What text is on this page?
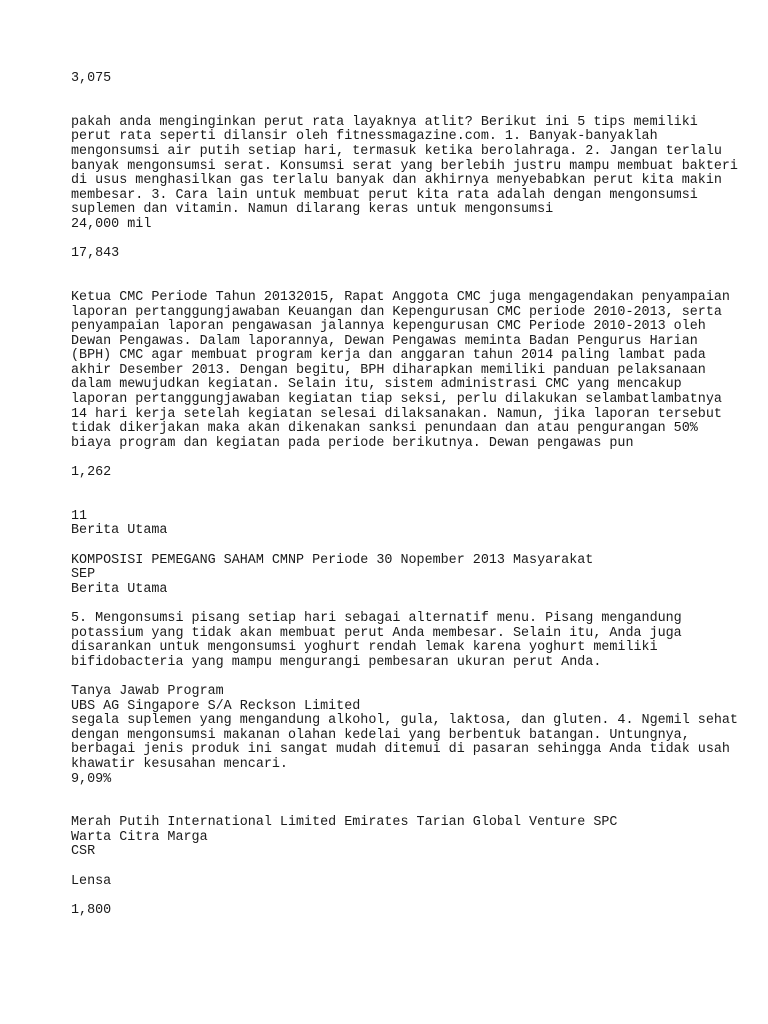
3,075
pakah anda menginginkan perut rata layaknya atlit? Berikut ini 5 tips memiliki
perut rata seperti dilansir oleh fitnessmagazine.com. 1. Banyak-banyaklah
mengonsumsi air putih setiap hari, termasuk ketika berolahraga. 2. Jangan terlalu
banyak mengonsumsi serat. Konsumsi serat yang berlebih justru mampu membuat bakteri
di usus menghasilkan gas terlalu banyak dan akhirnya menyebabkan perut kita makin
membesar. 3. Cara lain untuk membuat perut kita rata adalah dengan mengonsumsi
suplemen dan vitamin. Namun dilarang keras untuk mengonsumsi
24,000 mil
17,843
Ketua CMC Periode Tahun 20132015, Rapat Anggota CMC juga mengagendakan penyampaian
laporan pertanggungjawaban Keuangan dan Kepengurusan CMC periode 2010-2013, serta
penyampaian laporan pengawasan jalannya kepengurusan CMC Periode 2010-2013 oleh
Dewan Pengawas. Dalam laporannya, Dewan Pengawas meminta Badan Pengurus Harian
(BPH) CMC agar membuat program kerja dan anggaran tahun 2014 paling lambat pada
akhir Desember 2013. Dengan begitu, BPH diharapkan memiliki panduan pelaksanaan
dalam mewujudkan kegiatan. Selain itu, sistem administrasi CMC yang mencakup
laporan pertanggungjawaban kegiatan tiap seksi, perlu dilakukan selambatlambatnya
14 hari kerja setelah kegiatan selesai dilaksanakan. Namun, jika laporan tersebut
tidak dikerjakan maka akan dikenakan sanksi penundaan dan atau pengurangan 50%
biaya program dan kegiatan pada periode berikutnya. Dewan pengawas pun
1,262
11
Berita Utama
KOMPOSISI PEMEGANG SAHAM CMNP Periode 30 Nopember 2013 Masyarakat
SEP
Berita Utama
5. Mengonsumsi pisang setiap hari sebagai alternatif menu. Pisang mengandung
potassium yang tidak akan membuat perut Anda membesar. Selain itu, Anda juga
disarankan untuk mengonsumsi yoghurt rendah lemak karena yoghurt memiliki
bifidobacteria yang mampu mengurangi pembesaran ukuran perut Anda.
Tanya Jawab Program
UBS AG Singapore S/A Reckson Limited
segala suplemen yang mengandung alkohol, gula, laktosa, dan gluten. 4. Ngemil sehat
dengan mengonsumsi makanan olahan kedelai yang berbentuk batangan. Untungnya,
berbagai jenis produk ini sangat mudah ditemui di pasaran sehingga Anda tidak usah
khawatir kesusahan mencari.
9,09%
Merah Putih International Limited Emirates Tarian Global Venture SPC
Warta Citra Marga
CSR
Lensa
1,800
